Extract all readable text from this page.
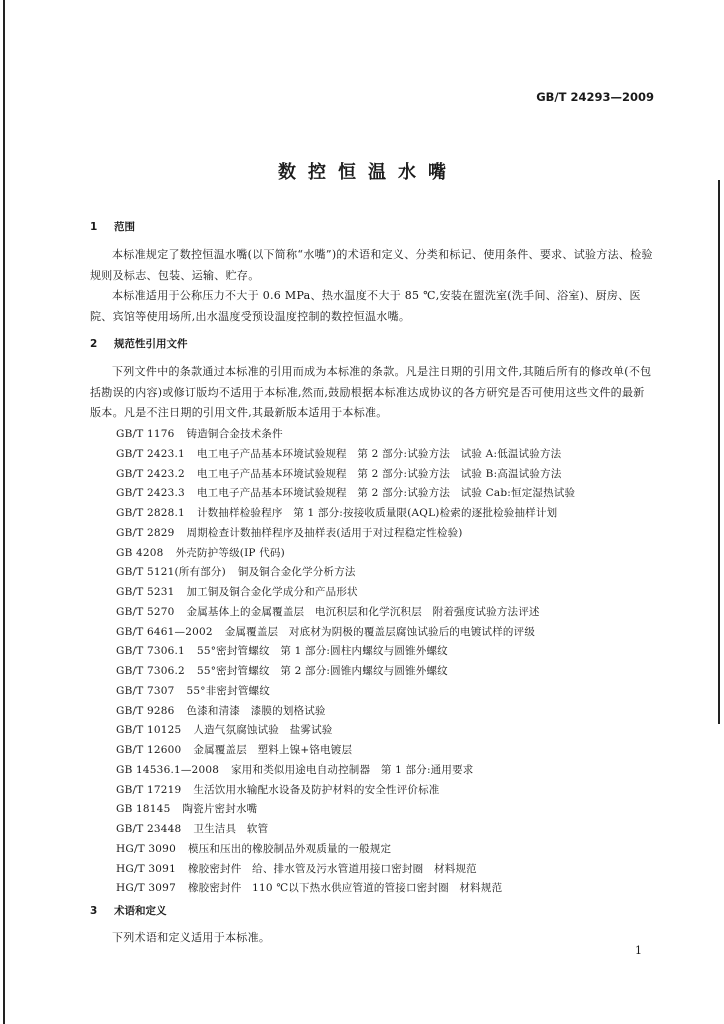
GB/T 24293—2009
数控恒温水嘴
1 范围
本标准规定了数控恒温水嘴(以下简称“水嘴”)的术语和定义、分类和标记、使用条件、要求、试验方法、检验规则及标志、包装、运输、贮存。
本标准适用于公称压力不大于 0.6 MPa、热水温度不大于 85 ℃,安装在盥洗室(洗手间、浴室)、厨房、医院、宾馆等使用场所,出水温度受预设温度控制的数控恒温水嘴。
2 规范性引用文件
下列文件中的条款通过本标准的引用而成为本标准的条款。凡是注日期的引用文件,其随后所有的修改单(不包括勘误的内容)或修订版均不适用于本标准,然而,鼓励根据本标准达成协议的各方研究是否可使用这些文件的最新版本。凡是不注日期的引用文件,其最新版本适用于本标准。
GB/T 1176 铸造铜合金技术条件
GB/T 2423.1 电工电子产品基本环境试验规程　第 2 部分:试验方法　试验 A:低温试验方法
GB/T 2423.2 电工电子产品基本环境试验规程　第 2 部分:试验方法　试验 B:高温试验方法
GB/T 2423.3 电工电子产品基本环境试验规程　第 2 部分:试验方法　试验 Cab:恒定湿热试验
GB/T 2828.1 计数抽样检验程序　第 1 部分:按接收质量限(AQL)检索的逐批检验抽样计划
GB/T 2829 周期检查计数抽样程序及抽样表(适用于对过程稳定性检验)
GB 4208 外壳防护等级(IP 代码)
GB/T 5121(所有部分) 铜及铜合金化学分析方法
GB/T 5231 加工铜及铜合金化学成分和产品形状
GB/T 5270 金属基体上的金属覆盖层　电沉积层和化学沉积层　附着强度试验方法评述
GB/T 6461—2002 金属覆盖层　对底材为阴极的覆盖层腐蚀试验后的电镀试样的评级
GB/T 7306.1 55°密封管螺纹　第 1 部分:圆柱内螺纹与圆锥外螺纹
GB/T 7306.2 55°密封管螺纹　第 2 部分:圆锥内螺纹与圆锥外螺纹
GB/T 7307 55°非密封管螺纹
GB/T 9286 色漆和清漆　漆膜的划格试验
GB/T 10125 人造气氛腐蚀试验　盐雾试验
GB/T 12600 金属覆盖层　塑料上镍+铬电镀层
GB 14536.1—2008 家用和类似用途电自动控制器　第 1 部分:通用要求
GB/T 17219 生活饮用水输配水设备及防护材料的安全性评价标准
GB 18145 陶瓷片密封水嘴
GB/T 23448 卫生洁具　软管
HG/T 3090 模压和压出的橡胶制品外观质量的一般规定
HG/T 3091 橡胶密封件　给、排水管及污水管道用接口密封圈　材料规范
HG/T 3097 橡胶密封件　110 ℃以下热水供应管道的管接口密封圈　材料规范
3 术语和定义
下列术语和定义适用于本标准。
1
